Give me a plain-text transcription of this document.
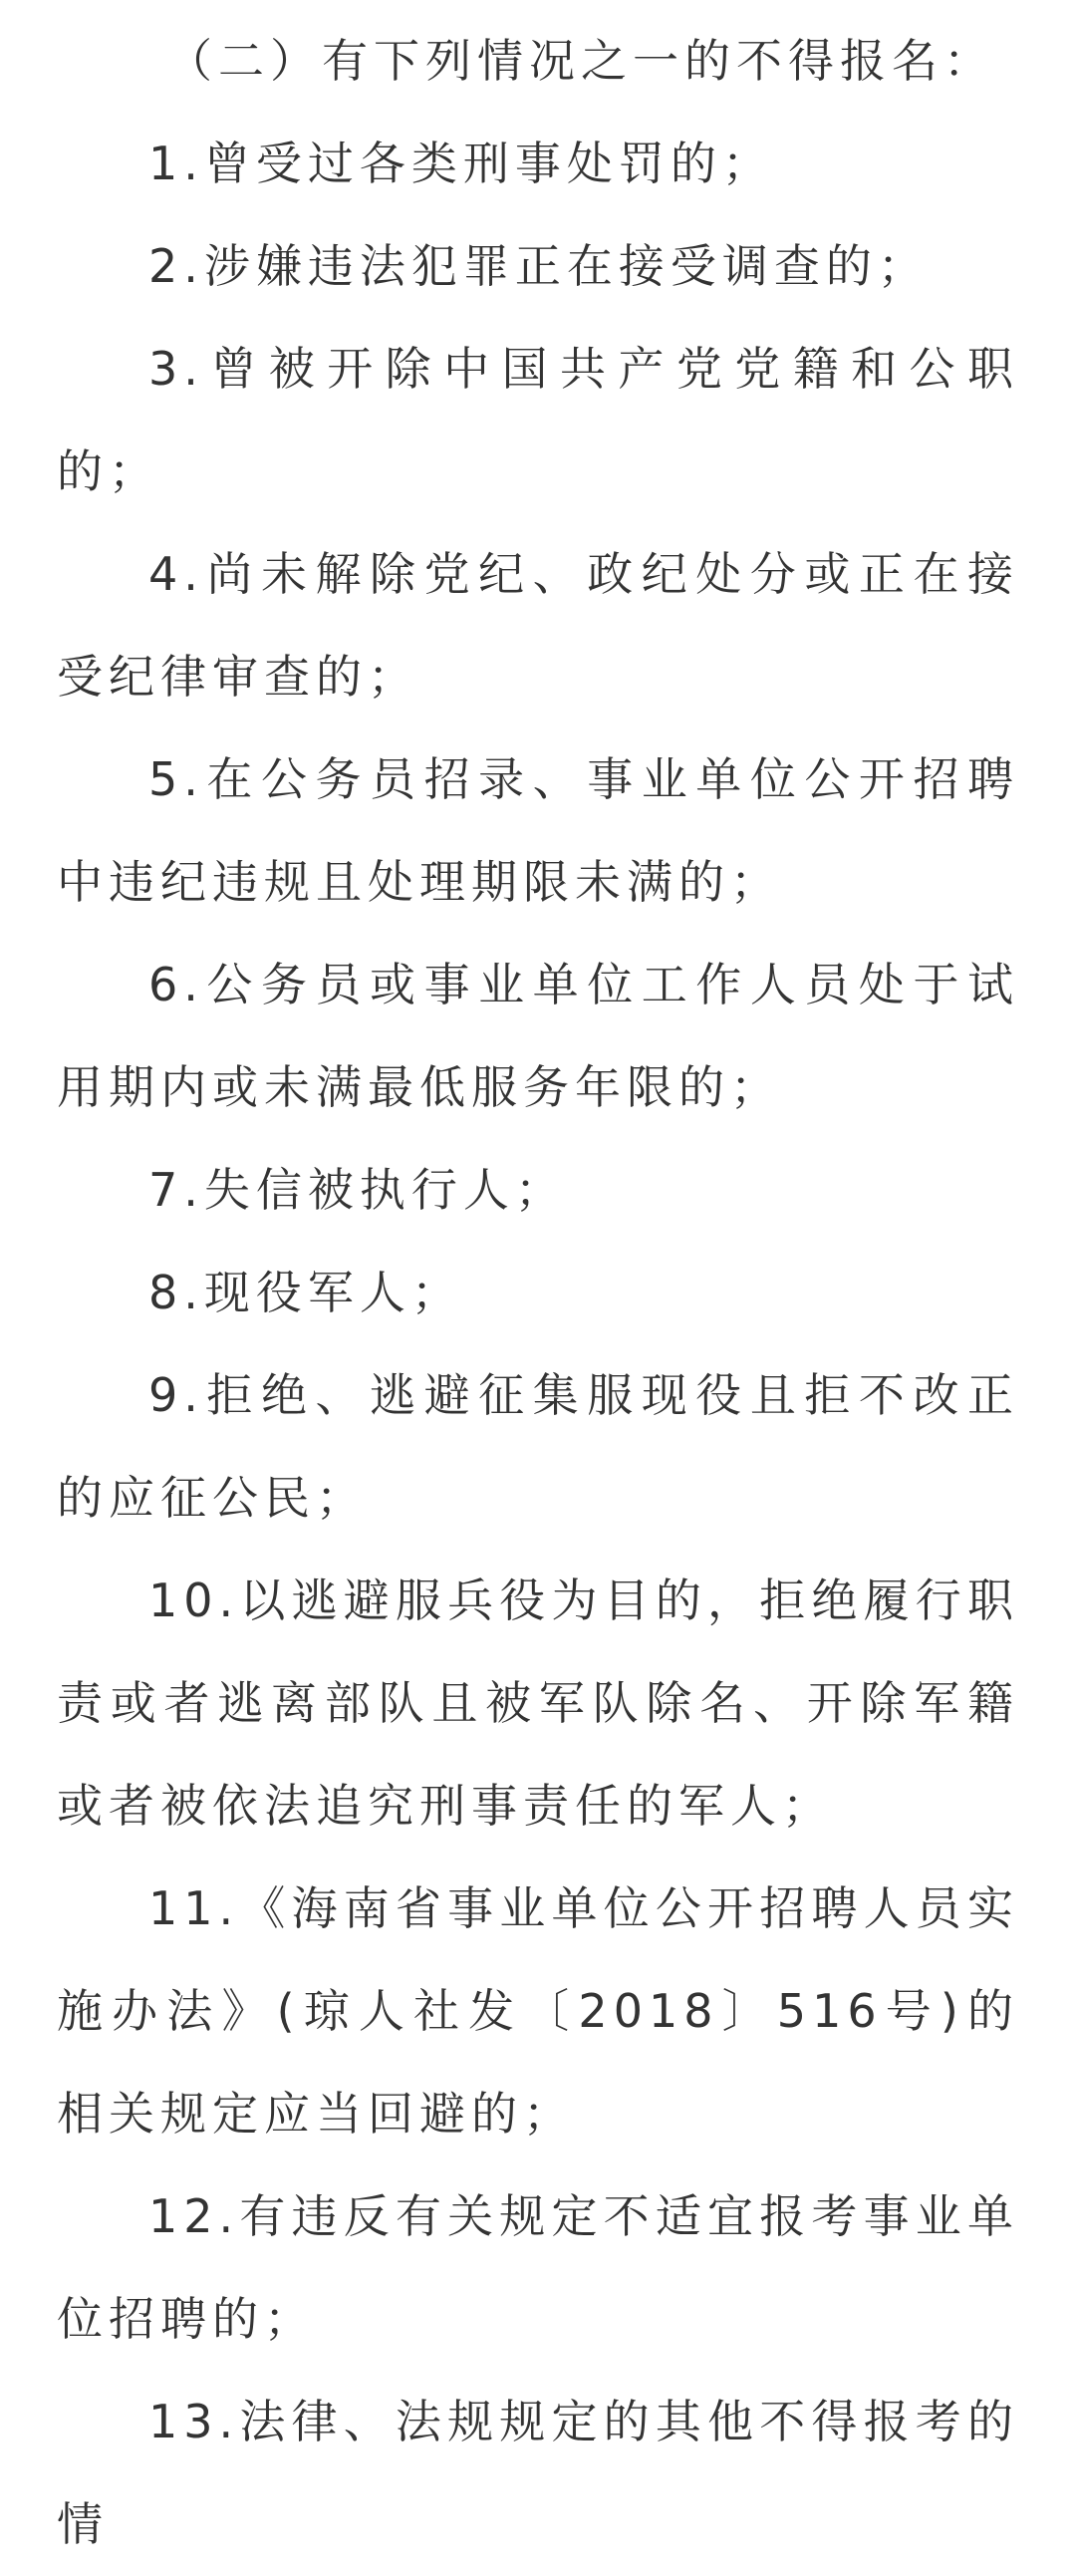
（二）有下列情况之一的不得报名：

1.曾受过各类刑事处罚的；

2.涉嫌违法犯罪正在接受调查的；

3.曾被开除中国共产党党籍和公职的；

4.尚未解除党纪、政纪处分或正在接受纪律审查的；

5.在公务员招录、事业单位公开招聘中违纪违规且处理期限未满的；

6.公务员或事业单位工作人员处于试用期内或未满最低服务年限的；

7.失信被执行人；

8.现役军人；

9.拒绝、逃避征集服现役且拒不改正的应征公民；

10.以逃避服兵役为目的，拒绝履行职责或者逃离部队且被军队除名、开除军籍或者被依法追究刑事责任的军人；

11.《海南省事业单位公开招聘人员实施办法》(琼人社发〔2018〕516号)的相关规定应当回避的；

12.有违反有关规定不适宜报考事业单位招聘的；

13.法律、法规规定的其他不得报考的情
